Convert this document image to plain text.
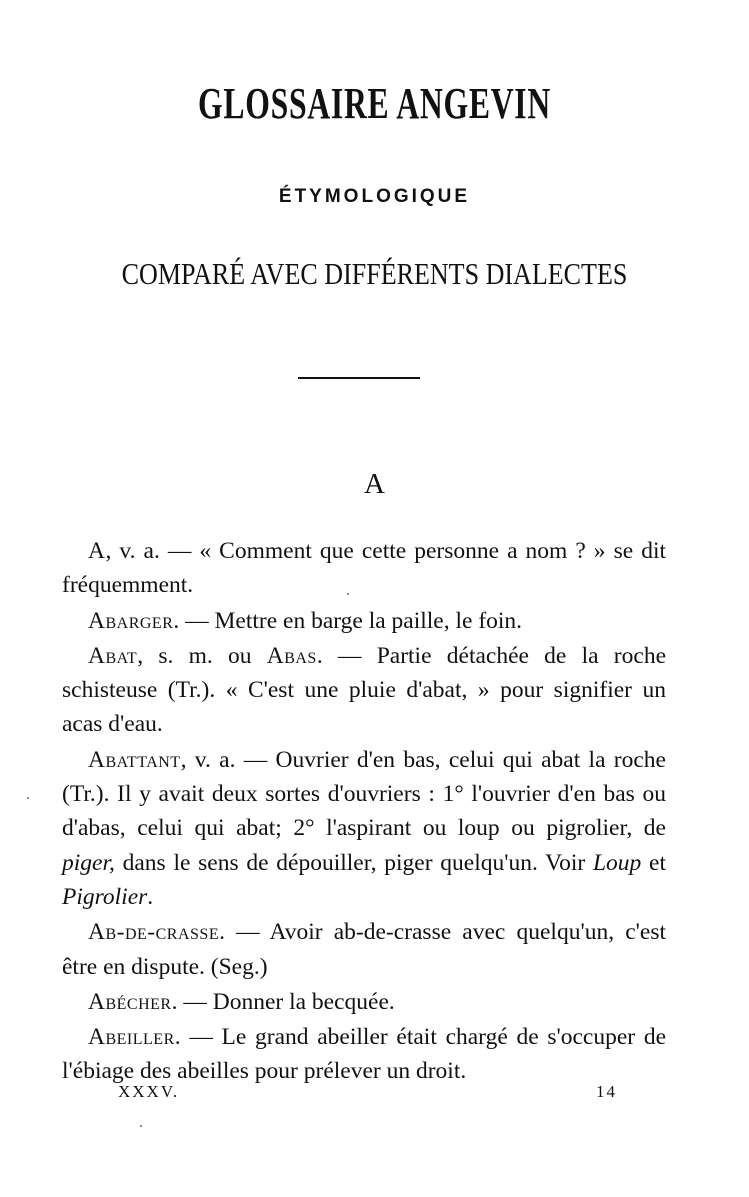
GLOSSAIRE ANGEVIN
ÉTYMOLOGIQUE
COMPARÉ AVEC DIFFÉRENTS DIALECTES
A

A, v. a. — « Comment que cette personne a nom ? » se dit fréquemment.

Abarger. — Mettre en barge la paille, le foin.

Abat, s. m. ou Abas. — Partie détachée de la roche schisteuse (Tr.). « C'est une pluie d'abat, » pour signifier un acas d'eau.

Abattant, v. a. — Ouvrier d'en bas, celui qui abat la roche (Tr.). Il y avait deux sortes d'ouvriers : 1° l'ouvrier d'en bas ou d'abas, celui qui abat; 2° l'aspirant ou loup ou pigrolier, de piger, dans le sens de dépouiller, piger quelqu'un. Voir Loup et Pigrolier.

Ab-de-crasse. — Avoir ab-de-crasse avec quelqu'un, c'est être en dispute. (Seg.)

Abécher. — Donner la becquée.

Abeiller. — Le grand abeiller était chargé de s'occuper de l'ébiage des abeilles pour prélever un droit.

XXXV.	14
